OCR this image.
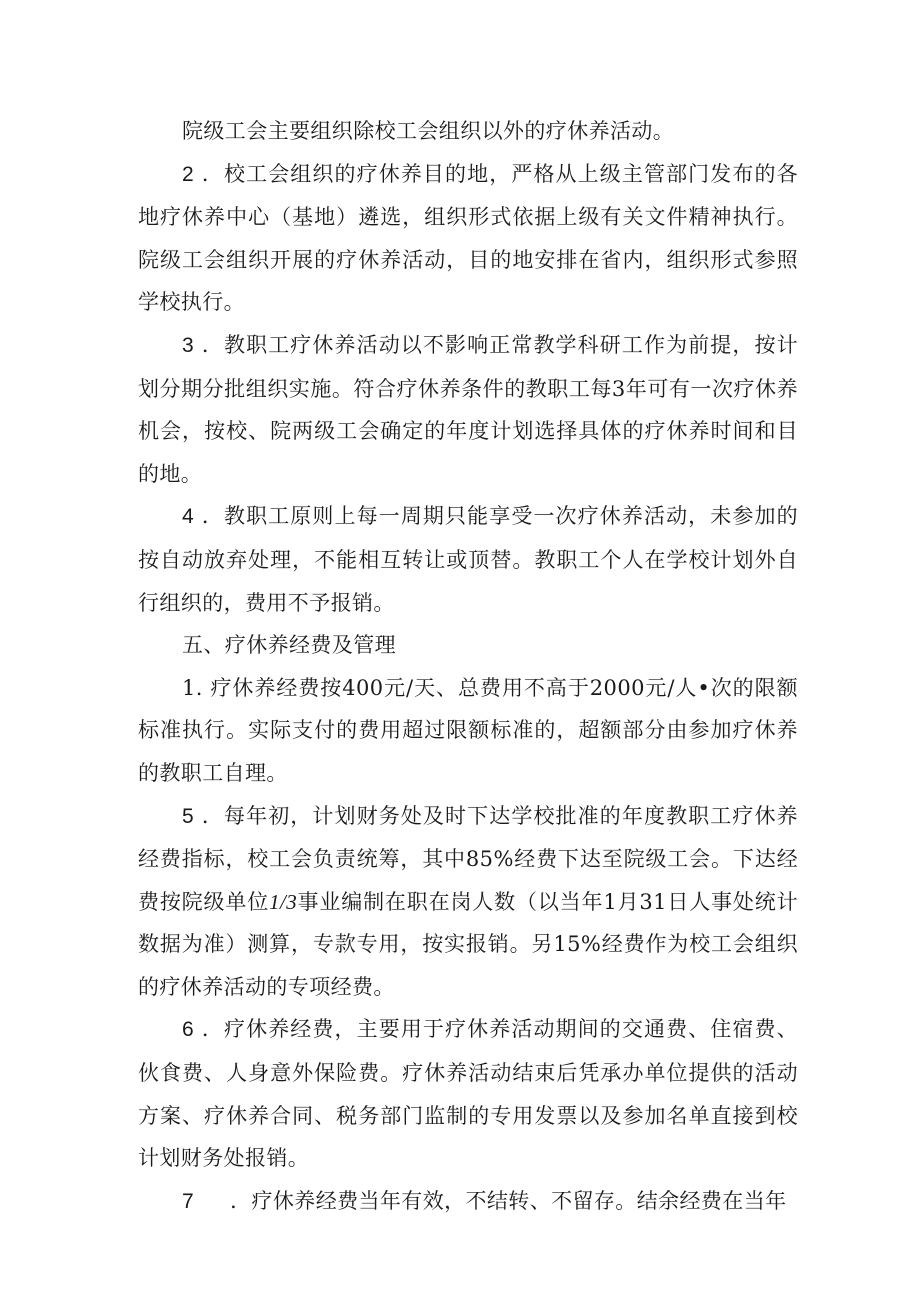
院级工会主要组织除校工会组织以外的疗休养活动。

2 ．校工会组织的疗休养目的地，严格从上级主管部门发布的各地疗休养中心（基地）遴选，组织形式依据上级有关文件精神执行。院级工会组织开展的疗休养活动，目的地安排在省内，组织形式参照学校执行。

3 ．教职工疗休养活动以不影响正常教学科研工作为前提，按计划分期分批组织实施。符合疗休养条件的教职工每3年可有一次疗休养机会，按校、院两级工会确定的年度计划选择具体的疗休养时间和目的地。

4 ．教职工原则上每一周期只能享受一次疗休养活动，未参加的按自动放弃处理，不能相互转让或顶替。教职工个人在学校计划外自行组织的，费用不予报销。

五、疗休养经费及管理

1. 疗休养经费按400元/天、总费用不高于2000元/人•次的限额标准执行。实际支付的费用超过限额标准的，超额部分由参加疗休养的教职工自理。

5 ．每年初，计划财务处及时下达学校批准的年度教职工疗休养经费指标，校工会负责统筹，其中85%经费下达至院级工会。下达经费按院级单位1/3事业编制在职在岗人数（以当年1月31日人事处统计数据为准）测算，专款专用，按实报销。另15%经费作为校工会组织的疗休养活动的专项经费。

6 ．疗休养经费，主要用于疗休养活动期间的交通费、住宿费、伙食费、人身意外保险费。疗休养活动结束后凭承办单位提供的活动方案、疗休养合同、税务部门监制的专用发票以及参加名单直接到校计划财务处报销。

7 ．疗休养经费当年有效，不结转、不留存。结余经费在当年
